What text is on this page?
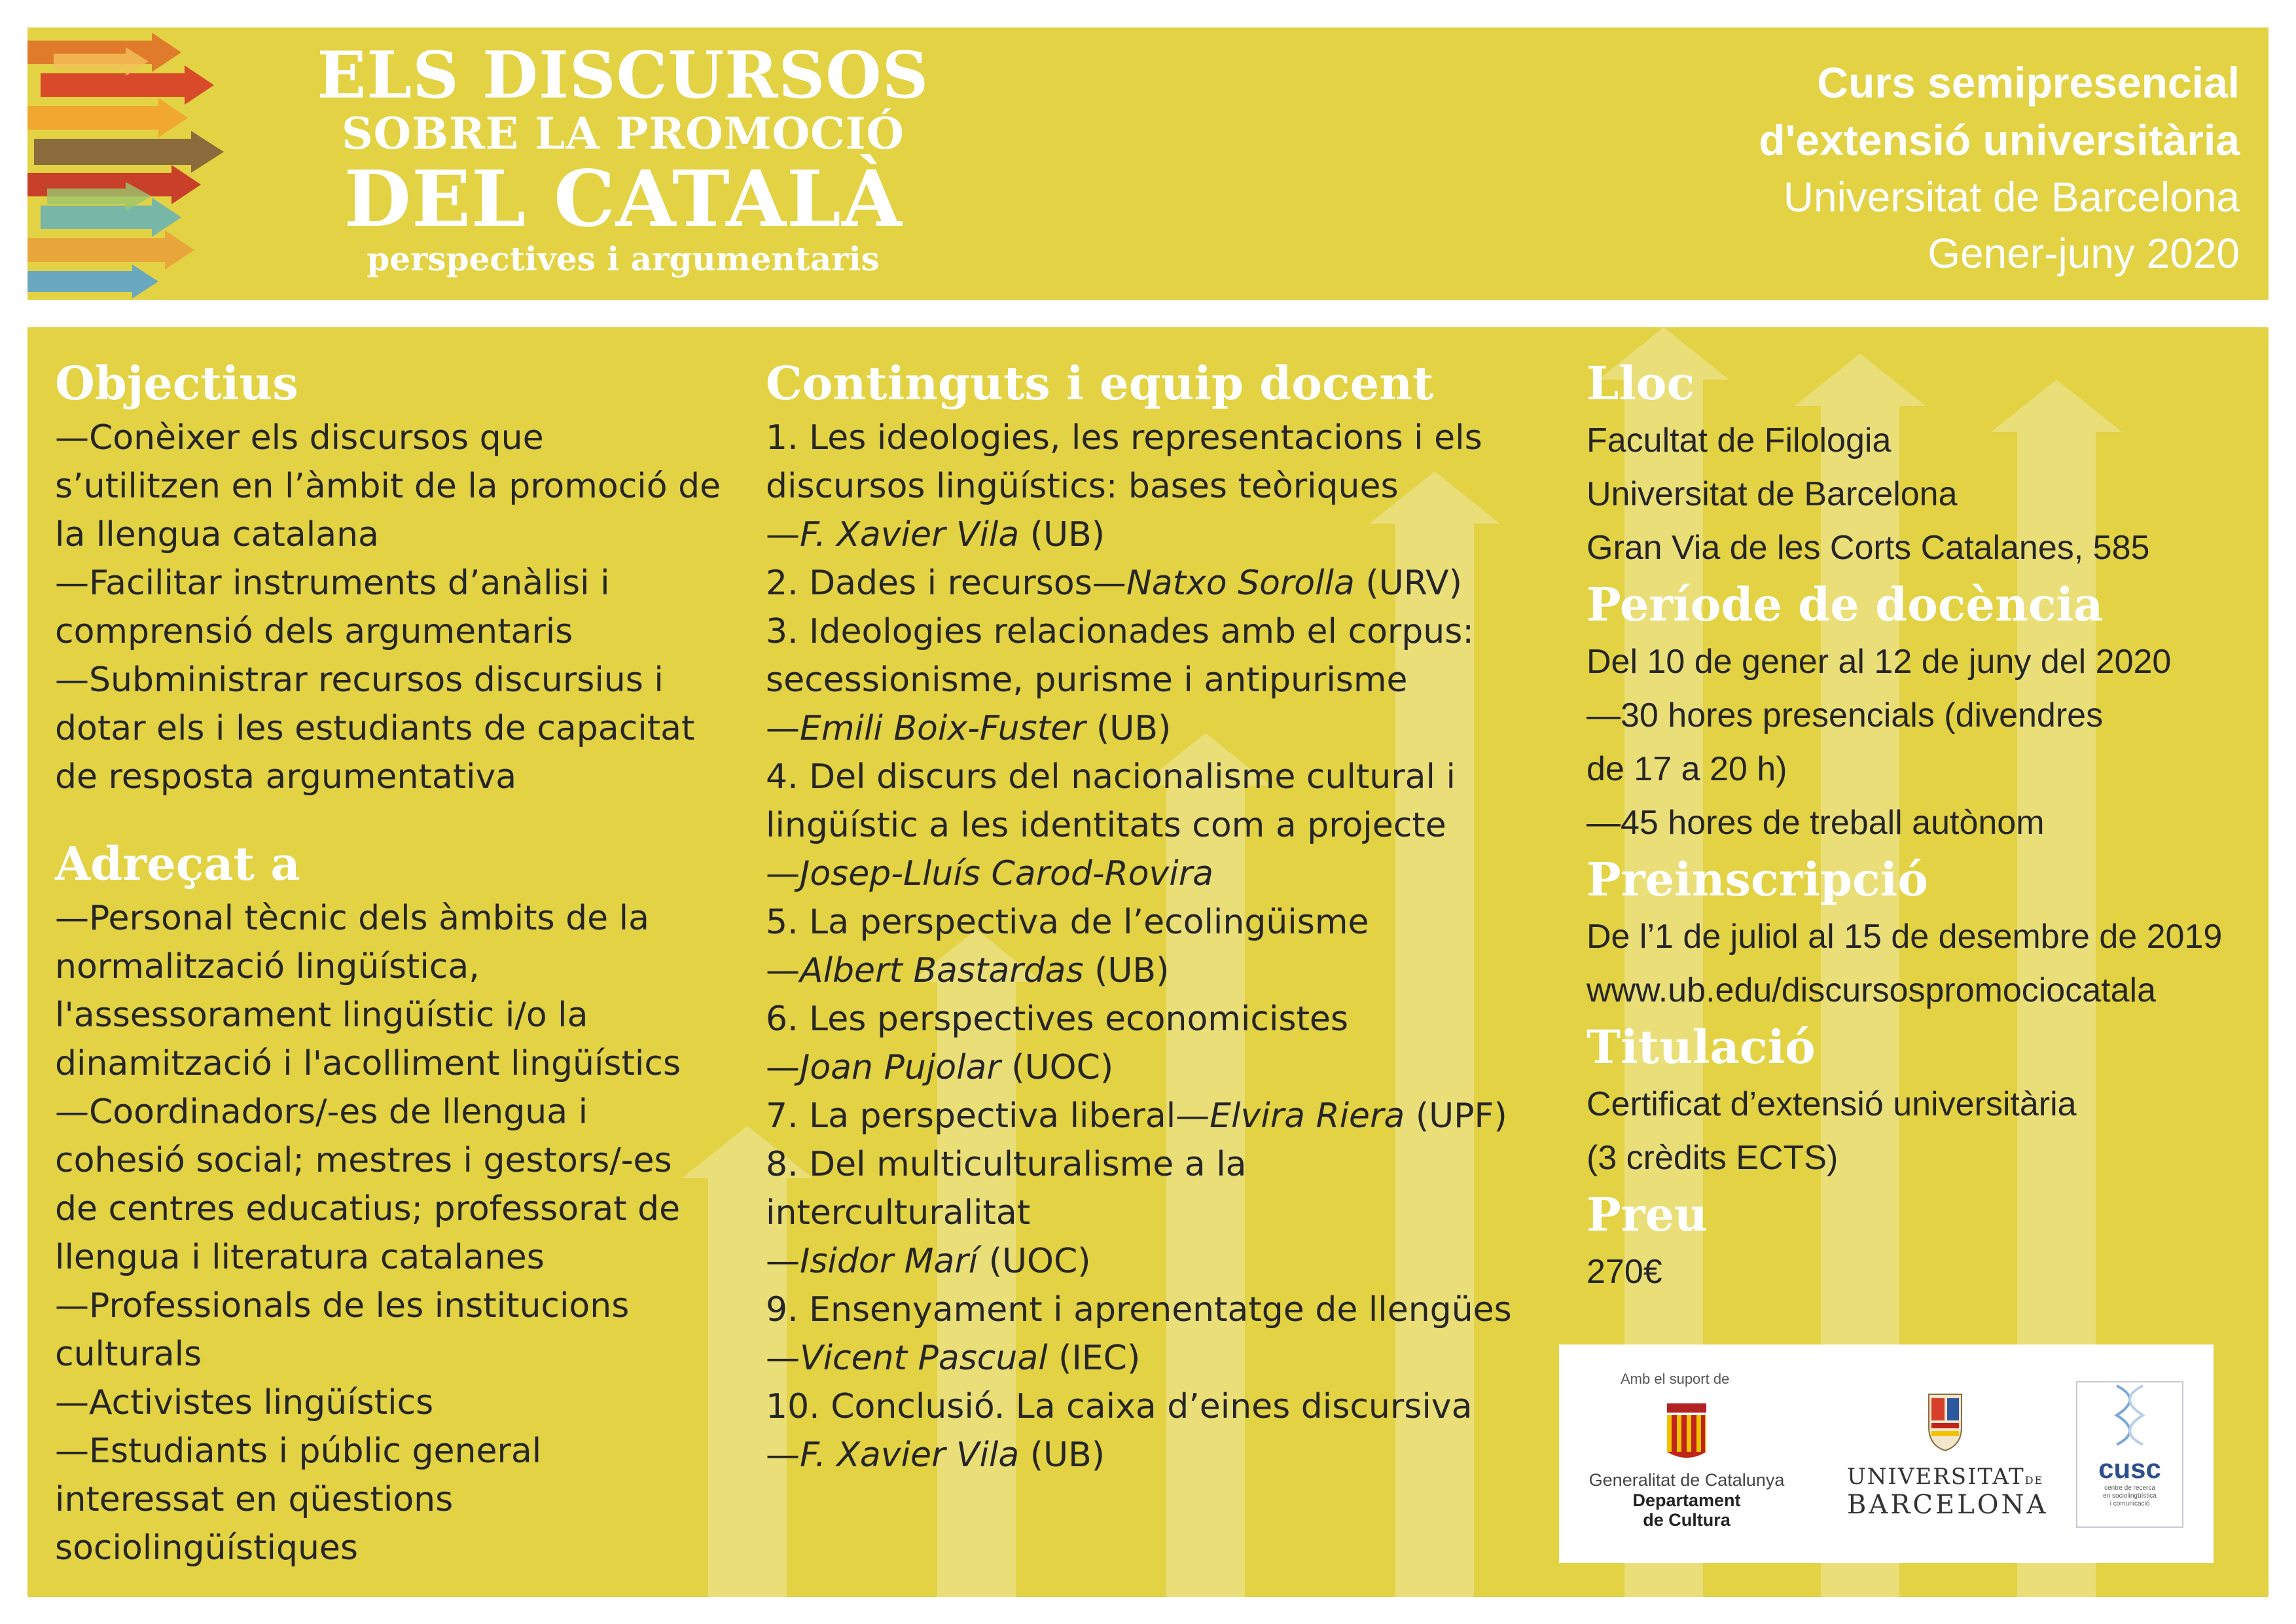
ELS DISCURSOS
SOBRE LA PROMOCIÓ
DEL CATALÀ
perspectives i argumentaris
Curs semipresencial
d'extensió universitària
Universitat de Barcelona
Gener-juny 2020
Objectius

—Conèixer els discursos que

s’utilitzen en l’àmbit de la promoció de

la llengua catalana

—Facilitar instruments d’anàlisi i

comprensió dels argumentaris

—Subministrar recursos discursius i

dotar els i les estudiants de capacitat

de resposta argumentativa

Adreçat a

—Personal tècnic dels àmbits de la

normalització lingüística,

l'assessorament lingüístic i/o la

dinamització i l'acolliment lingüístics

—Coordinadors/-es de llengua i

cohesió social; mestres i gestors/-es

de centres educatius; professorat de

llengua i literatura catalanes

—Professionals de les institucions

culturals

—Activistes lingüístics

—Estudiants i públic general

interessat en qüestions

sociolingüístiques

Continguts i equip docent

1. Les ideologies, les representacions i els

discursos lingüístics: bases teòriques

—F. Xavier Vila (UB)

2. Dades i recursos—Natxo Sorolla (URV)

3. Ideologies relacionades amb el corpus:

secessionisme, purisme i antipurisme

—Emili Boix-Fuster (UB)

4. Del discurs del nacionalisme cultural i

lingüístic a les identitats com a projecte

—Josep-Lluís Carod-Rovira

5. La perspectiva de l’ecolingüisme

—Albert Bastardas (UB)

6. Les perspectives economicistes

—Joan Pujolar (UOC)

7. La perspectiva liberal—Elvira Riera (UPF)

8. Del multiculturalisme a la

interculturalitat

—Isidor Marí (UOC)

9. Ensenyament i aprenentatge de llengües

—Vicent Pascual (IEC)

10. Conclusió. La caixa d’eines discursiva

—F. Xavier Vila (UB)

Lloc

Facultat de Filologia

Universitat de Barcelona

Gran Via de les Corts Catalanes, 585

Període de docència

Del 10 de gener al 12 de juny del 2020

—30 hores presencials (divendres

de 17 a 20 h)

—45 hores de treball autònom

Preinscripció

De l’1 de juliol al 15 de desembre de 2019

www.ub.edu/discursospromociocatala

Titulació

Certificat d’extensió universitària

(3 crèdits ECTS)

Preu

270€

Amb el suport de
Generalitat de Catalunya
Departament
de Cultura
UNIVERSITATDE
BARCELONA
cusc
centre de recerca
en sociolingüística
i comunicació
